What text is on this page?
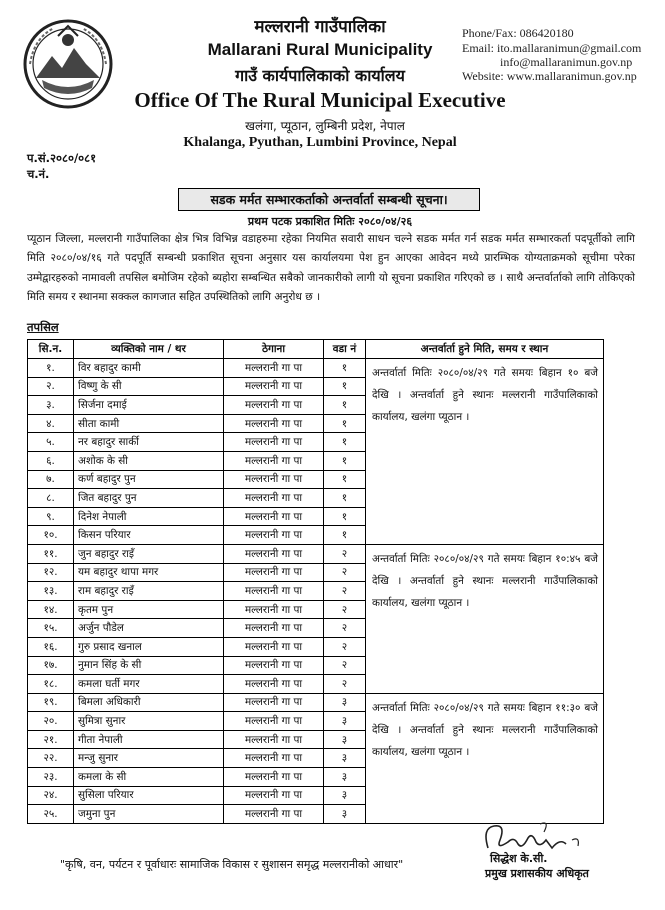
मल्लरानी गाउँपालिका
Mallarani Rural Municipality
गाउँ कार्यपालिकाको कार्यालय
Office Of The Rural Municipal Executive
खलंगा, प्यूठान, लुम्बिनी प्रदेश, नेपाल
Khalanga, Pyuthan, Lumbini Province, Nepal
Phone/Fax: 086420180
Email: ito.mallaranimun@gmail.com
info@mallaranimun.gov.np
Website: www.mallaranimun.gov.np
प.सं.२०८०/०८१
च.नं.
सडक मर्मत सम्भारकर्ताको अन्तर्वार्ता सम्बन्धी सूचना।
प्रथम पटक प्रकाशित मितिः २०८०/०४/२६
प्यूठान जिल्ला, मल्लरानी गाउँपालिका क्षेत्र भित्र विभिन्न वडाहरुमा रहेका नियमित सवारी साधन चल्ने सडक मर्मत गर्न सडक मर्मत सम्भारकर्ता पदपूर्तीको लागि मिति २०८०/०४/१६ गते पदपूर्ति सम्बन्धी प्रकाशित सूचना अनुसार यस कार्यालयमा पेश हुन आएका आवेदन मध्ये प्रारम्भिक योग्यताक्रमको सूचीमा परेका उम्मेद्वारहरुको नामावली तपसिल बमोजिम रहेको ब्यहोरा सम्बन्धित सबैको जानकारीको लागी यो सूचना प्रकाशित गरिएको छ । साथै अन्तर्वार्ताको लागि तोकिएको मिति समय र स्थानमा सक्कल कागजात सहित उपस्थितिको लागि अनुरोध छ ।
तपसिल
सि.न.	व्यक्तिको नाम / थर	ठेगाना	वडा नं	अन्तर्वार्ता हुने मिति, समय र स्थान
१.	विर बहादुर कामी	मल्लरानी गा पा	१	अन्तर्वार्ता मितिः २०८०/०४/२९ गते समयः बिहान १० बजे देखि । अन्तर्वार्ता हुने स्थानः मल्लरानी गाउँपालिकाको कार्यालय, खलंगा प्यूठान ।
२.	विष्णु के सी	मल्लरानी गा पा	१	
३.	सिर्जना दमाई	मल्लरानी गा पा	१	
४.	सीता कामी	मल्लरानी गा पा	१	
५.	नर बहादुर सार्की	मल्लरानी गा पा	१	
६.	अशोक के सी	मल्लरानी गा पा	१	
७.	कर्ण बहादुर पुन	मल्लरानी गा पा	१	
८.	जित बहादुर पुन	मल्लरानी गा पा	१	
९.	दिनेश नेपाली	मल्लरानी गा पा	१	
१०.	किसन परियार	मल्लरानी गा पा	१	
११.	जुन बहादुर राइँ	मल्लरानी गा पा	२	अन्तर्वार्ता मितिः २०८०/०४/२९ गते समयः बिहान १०:४५ बजे देखि । अन्तर्वार्ता हुने स्थानः मल्लरानी गाउँपालिकाको कार्यालय, खलंगा प्यूठान ।
१२.	यम बहादुर थापा मगर	मल्लरानी गा पा	२	
१३.	राम बहादुर राइँ	मल्लरानी गा पा	२	
१४.	कृतम पुन	मल्लरानी गा पा	२	
१५.	अर्जुन पौडेल	मल्लरानी गा पा	२	
१६.	गुरु प्रसाद खनाल	मल्लरानी गा पा	२	
१७.	नुमान सिंह के सी	मल्लरानी गा पा	२	
१८.	कमला घर्ती मगर	मल्लरानी गा पा	२	
१९.	बिमला अधिकारी	मल्लरानी गा पा	३	अन्तर्वार्ता मितिः २०८०/०४/२९ गते समयः बिहान ११:३० बजे देखि । अन्तर्वार्ता हुने स्थानः मल्लरानी गाउँपालिकाको कार्यालय, खलंगा प्यूठान ।
२०.	सुमित्रा सुनार	मल्लरानी गा पा	३	
२१.	गीता नेपाली	मल्लरानी गा पा	३	
२२.	मन्जु सुनार	मल्लरानी गा पा	३	
२३.	कमला के सी	मल्लरानी गा पा	३	
२४.	सुसिला परियार	मल्लरानी गा पा	३	
२५.	जमुना पुन	मल्लरानी गा पा	३	
"कृषि, वन, पर्यटन र पूर्वाधारः सामाजिक विकास र सुशासन समृद्ध मल्लरानीको आधार"	सिद्धेश के.सी.
प्रमुख प्रशासकीय अधिकृत
